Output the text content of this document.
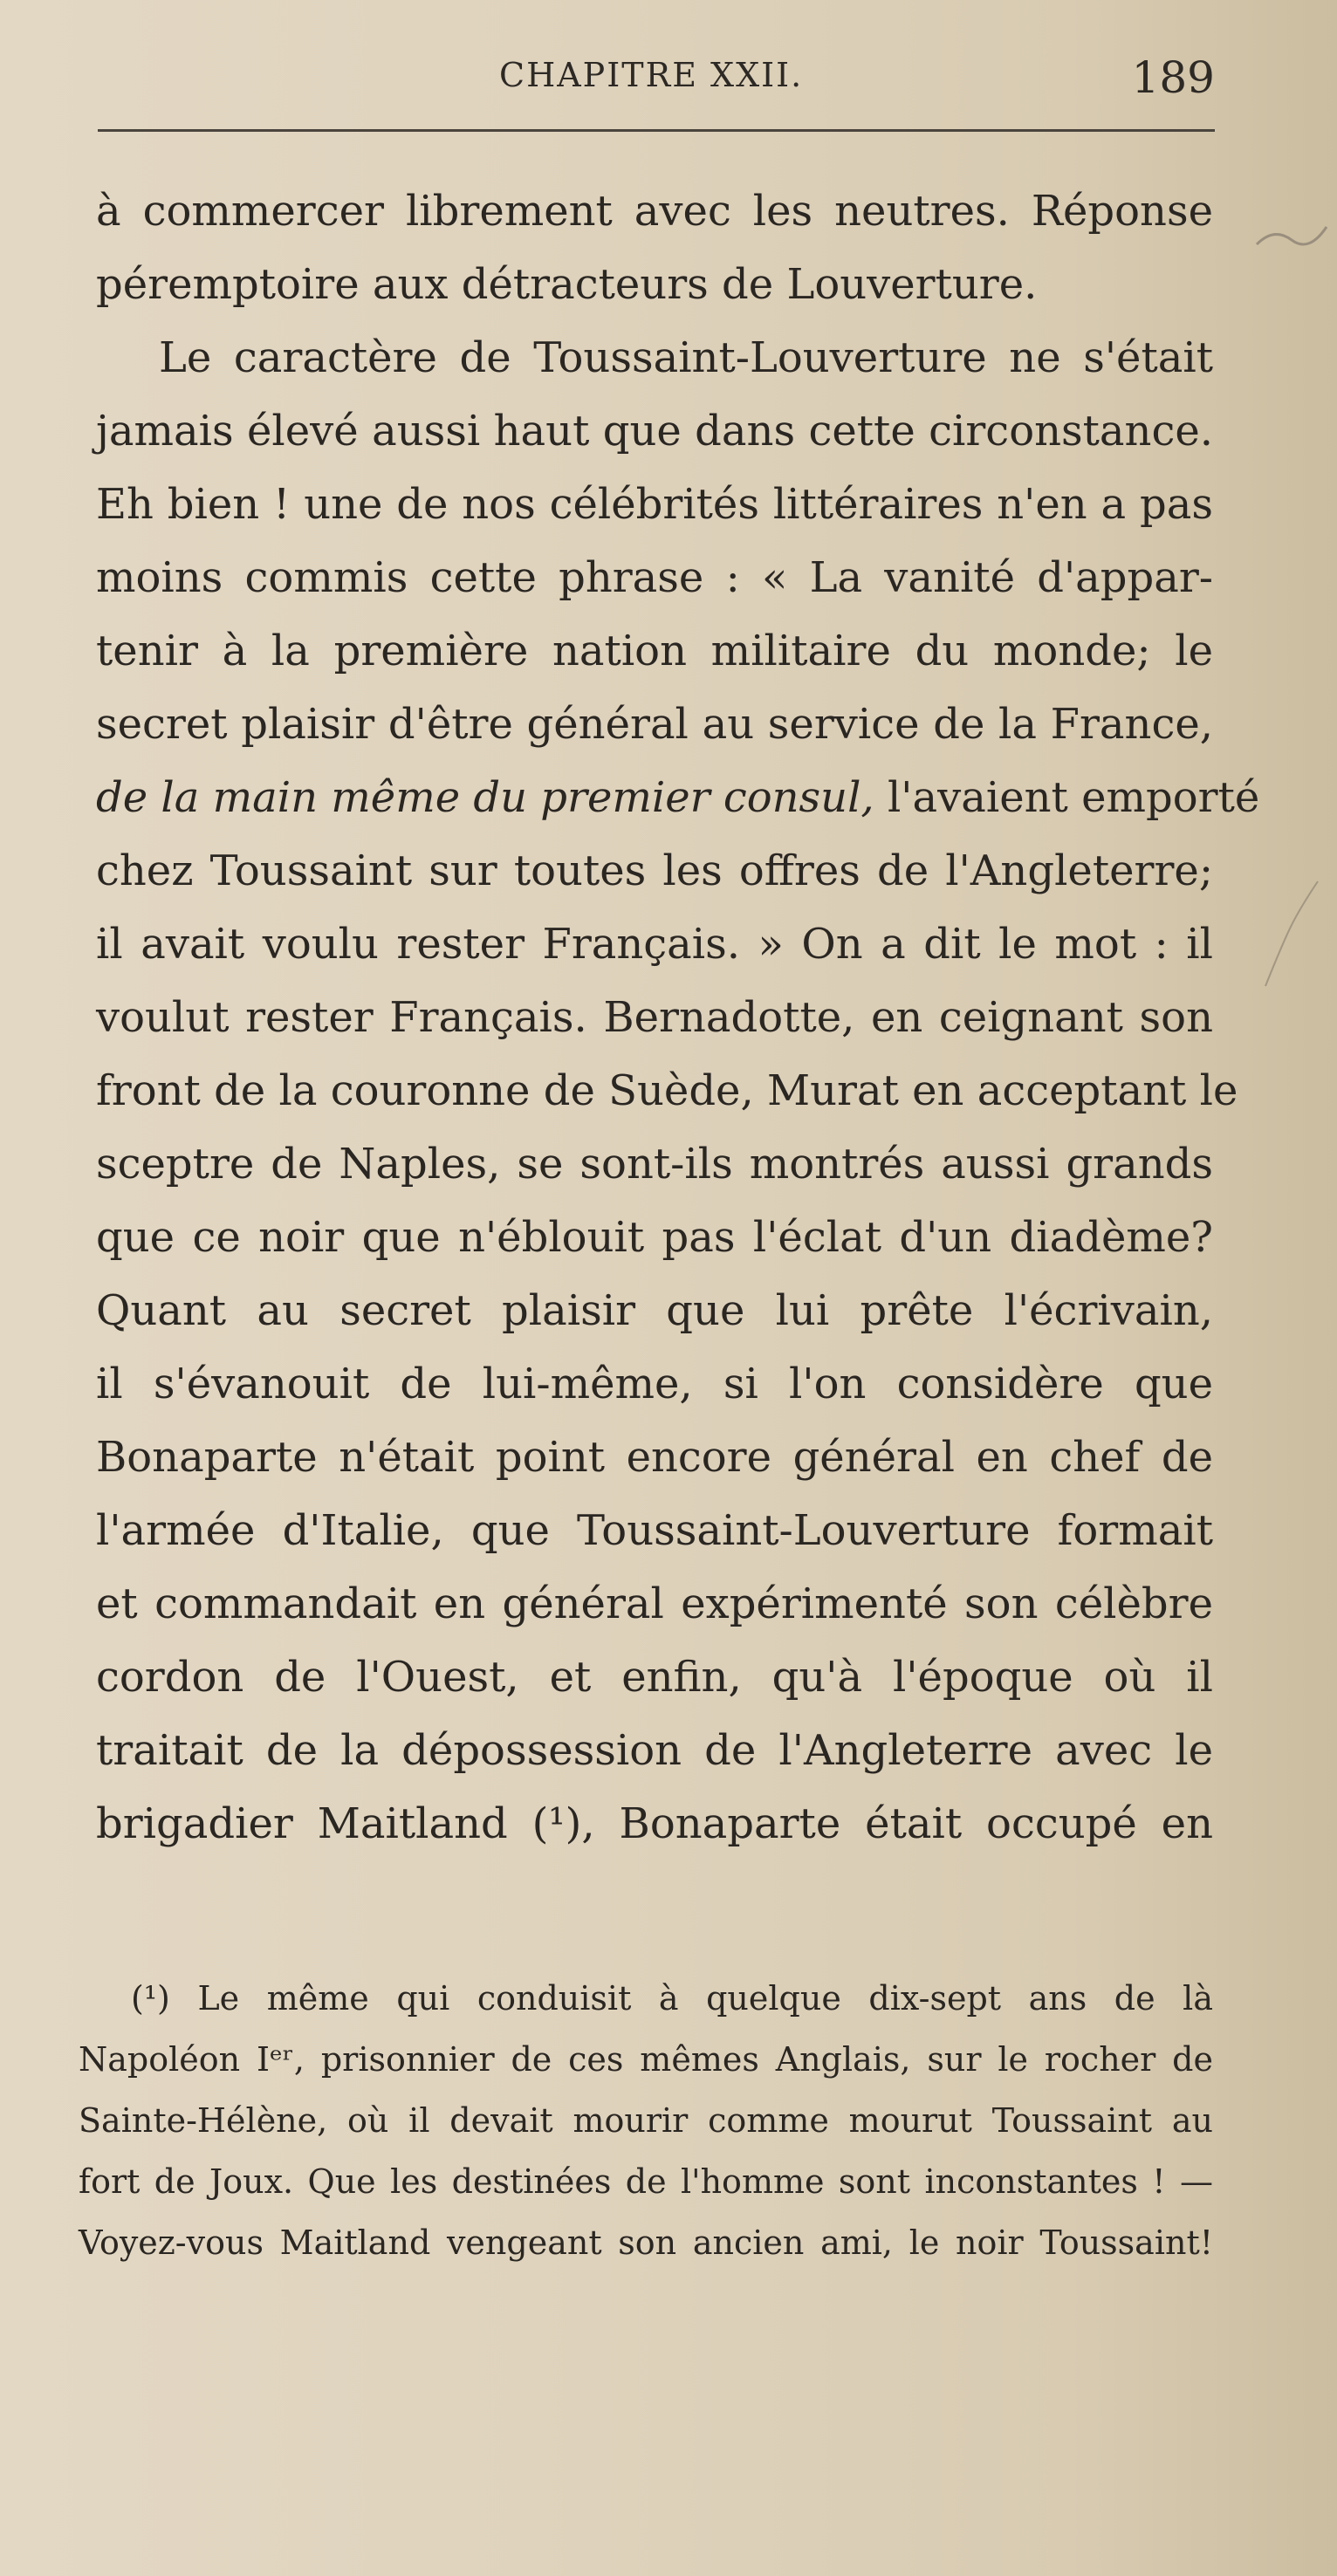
CHAPITRE XXII.	189
à commercer librement avec les neutres. Réponse
péremptoire aux détracteurs de Louverture.
Le caractère de Toussaint-Louverture ne s'était
jamais élevé aussi haut que dans cette circonstance.
Eh bien ! une de nos célébrités littéraires n'en a pas
moins commis cette phrase : « La vanité d'appar-
tenir à la première nation militaire du monde; le
secret plaisir d'être général au service de la France,
de la main même du premier consul, l'avaient emporté
chez Toussaint sur toutes les offres de l'Angleterre;
il avait voulu rester Français. » On a dit le mot : il
voulut rester Français. Bernadotte, en ceignant son
front de la couronne de Suède, Murat en acceptant le
sceptre de Naples, se sont-ils montrés aussi grands
que ce noir que n'éblouit pas l'éclat d'un diadème?
Quant au secret plaisir que lui prête l'écrivain,
il s'évanouit de lui-même, si l'on considère que
Bonaparte n'était point encore général en chef de
l'armée d'Italie, que Toussaint-Louverture formait
et commandait en général expérimenté son célèbre
cordon de l'Ouest, et enfin, qu'à l'époque où il
traitait de la dépossession de l'Angleterre avec le
brigadier Maitland (¹), Bonaparte était occupé en
(¹) Le même qui conduisit à quelque dix-sept ans de là
Napoléon Iᵉʳ, prisonnier de ces mêmes Anglais, sur le rocher de
Sainte-Hélène, où il devait mourir comme mourut Toussaint au
fort de Joux. Que les destinées de l'homme sont inconstantes ! —
Voyez-vous Maitland vengeant son ancien ami, le noir Toussaint!
